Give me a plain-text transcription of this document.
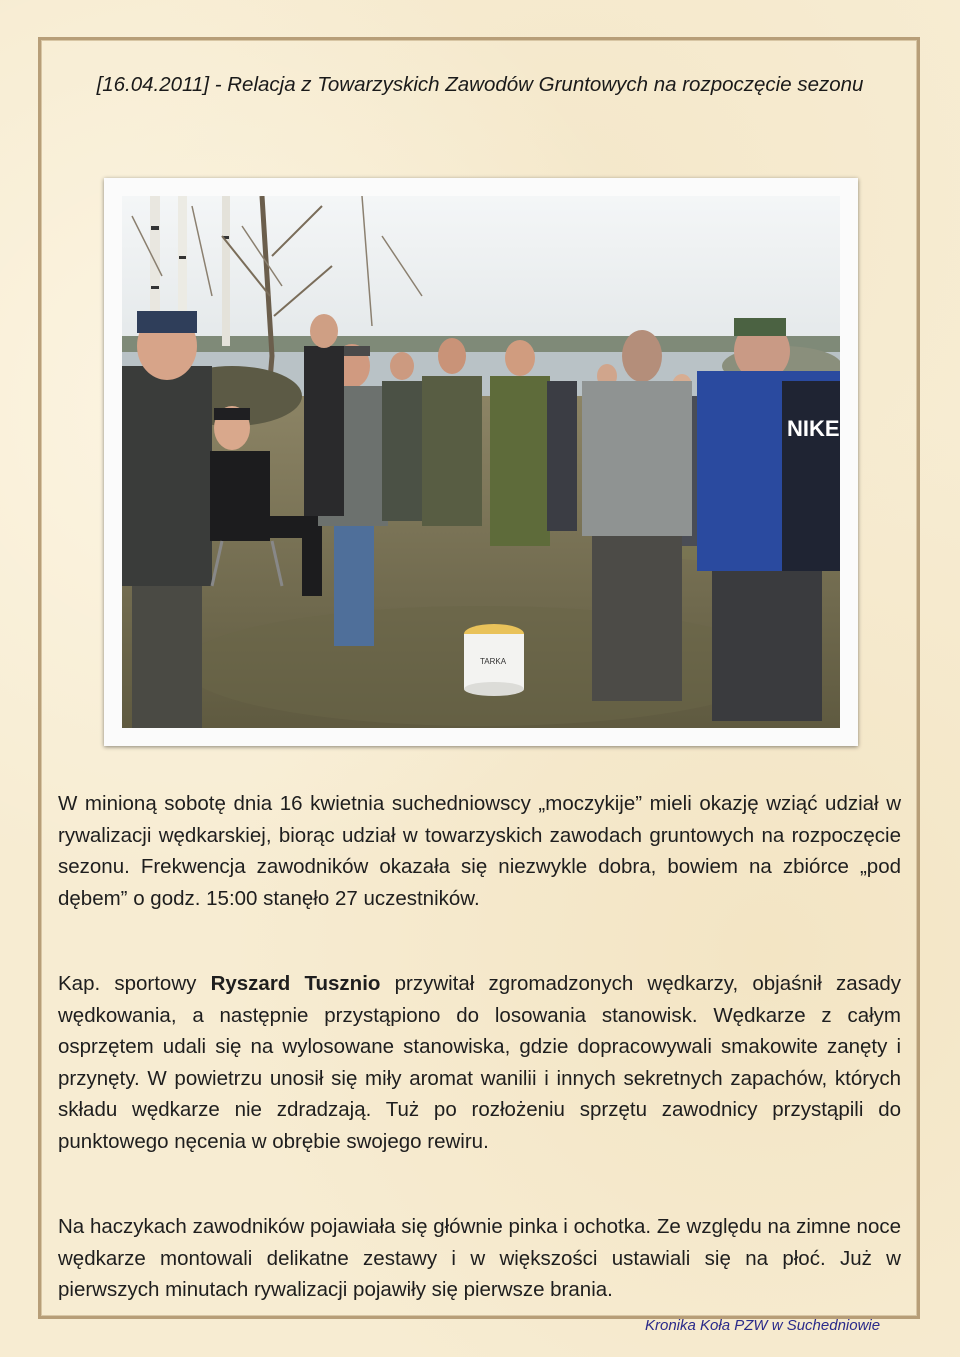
[16.04.2011] - Relacja z Towarzyskich Zawodów Gruntowych na rozpoczęcie sezonu
NIKE
TARKA
W minioną sobotę dnia 16 kwietnia suchedniowscy „moczykije” mieli okazję wziąć udział w rywalizacji wędkarskiej, biorąc udział w towarzyskich zawodach gruntowych na rozpoczęcie sezonu. Frekwencja zawodników okazała się niezwykle dobra, bowiem na zbiórce „pod dębem” o godz. 15:00 stanęło 27 uczestników.
Kap. sportowy Ryszard Tusznio przywitał zgromadzonych wędkarzy, objaśnił zasady wędkowania, a następnie przystąpiono do losowania stanowisk. Wędkarze z całym osprzętem udali się na wylosowane stanowiska, gdzie dopracowywali smakowite zanęty i przynęty. W powietrzu unosił się miły aromat wanilii i innych sekretnych zapachów, których składu wędkarze nie zdradzają. Tuż po rozłożeniu sprzętu zawodnicy przystąpili do punktowego nęcenia w obrębie swojego rewiru.
Na haczykach zawodników pojawiała się głównie pinka i ochotka. Ze względu na zimne noce wędkarze montowali delikatne zestawy i w większości ustawiali się na płoć. Już w pierwszych minutach rywalizacji pojawiły się pierwsze brania.
Kronika Koła PZW w Suchedniowie
